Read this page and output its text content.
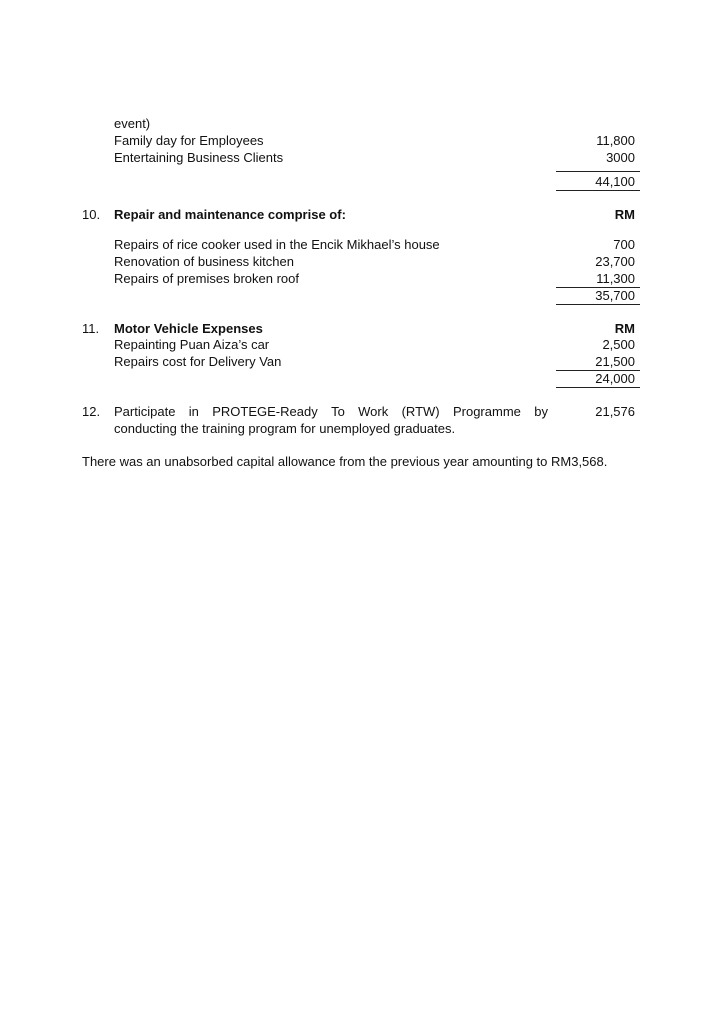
event)
Family day for Employees	11,800
Entertaining Business Clients	3000
44,100
10. Repair and maintenance comprise of:	RM
Repairs of rice cooker used in the Encik Mikhael’s house	700
Renovation of business kitchen	23,700
Repairs of premises broken roof	11,300
35,700
11. Motor Vehicle Expenses	RM
Repainting Puan Aiza’s car	2,500
Repairs cost for Delivery Van	21,500
24,000
12. Participate in PROTEGE-Ready To Work (RTW) Programme by	21,576
conducting the training program for unemployed graduates.
There was an unabsorbed capital allowance from the previous year amounting to RM3,568.
